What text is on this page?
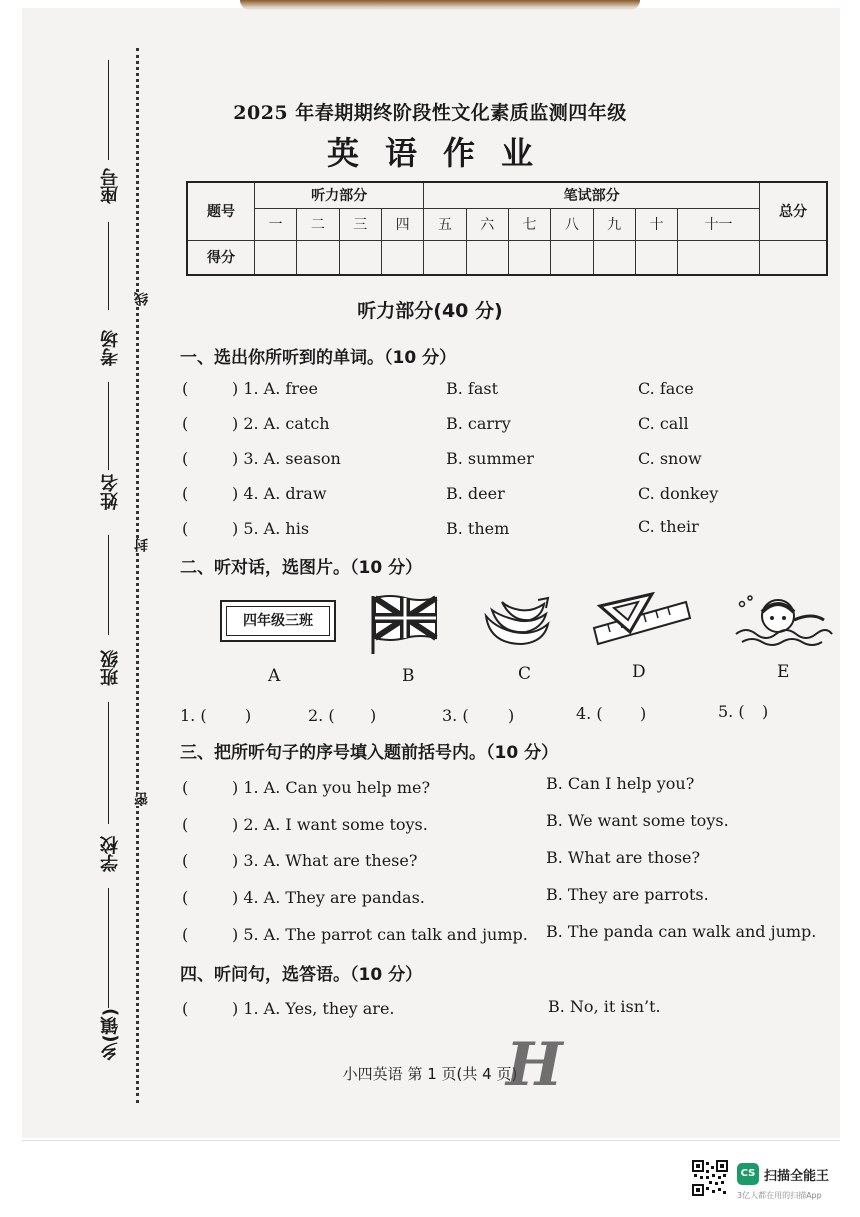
座号
考场
姓名
班级
学校
乡(镇)
线
封
密
2025 年春期期终阶段性文化素质监测四年级
英语作业
题号	听力部分				笔试部分							总分
	一	二	三	四	五	六	七	八	九	十	十一	
得分												
听力部分(40 分)
一、选出你所听到的单词。（10 分）
(	) 1. A. free	B. fast	C. face
(	) 2. A. catch	B. carry	C. call
(	) 3. A. season	B. summer	C. snow
(	) 4. A. draw	B. deer	C. donkey
(	) 5. A. his	B. them	C. their
二、听对话，选图片。（10 分）
四年级三班
A	B	C	D	E
1. ( )	2. ( )	3. ( )	4. ( )	5. ( )
三、把所听句子的序号填入题前括号内。（10 分）
(	) 1. A. Can you help me?	B. Can I help you?
(	) 2. A. I want some toys.	B. We want some toys.
(	) 3. A. What are these?	B. What are those?
(	) 4. A. They are pandas.	B. They are parrots.
(	) 5. A. The parrot can talk and jump. B. The panda can walk and jump.
四、听问句，选答语。（10 分）
(	) 1. A. Yes, they are.	B. No, it isn’t.
小四英语 第 1 页(共 4 页)
H
CS 扫描全能王
3亿人都在用的扫描App
